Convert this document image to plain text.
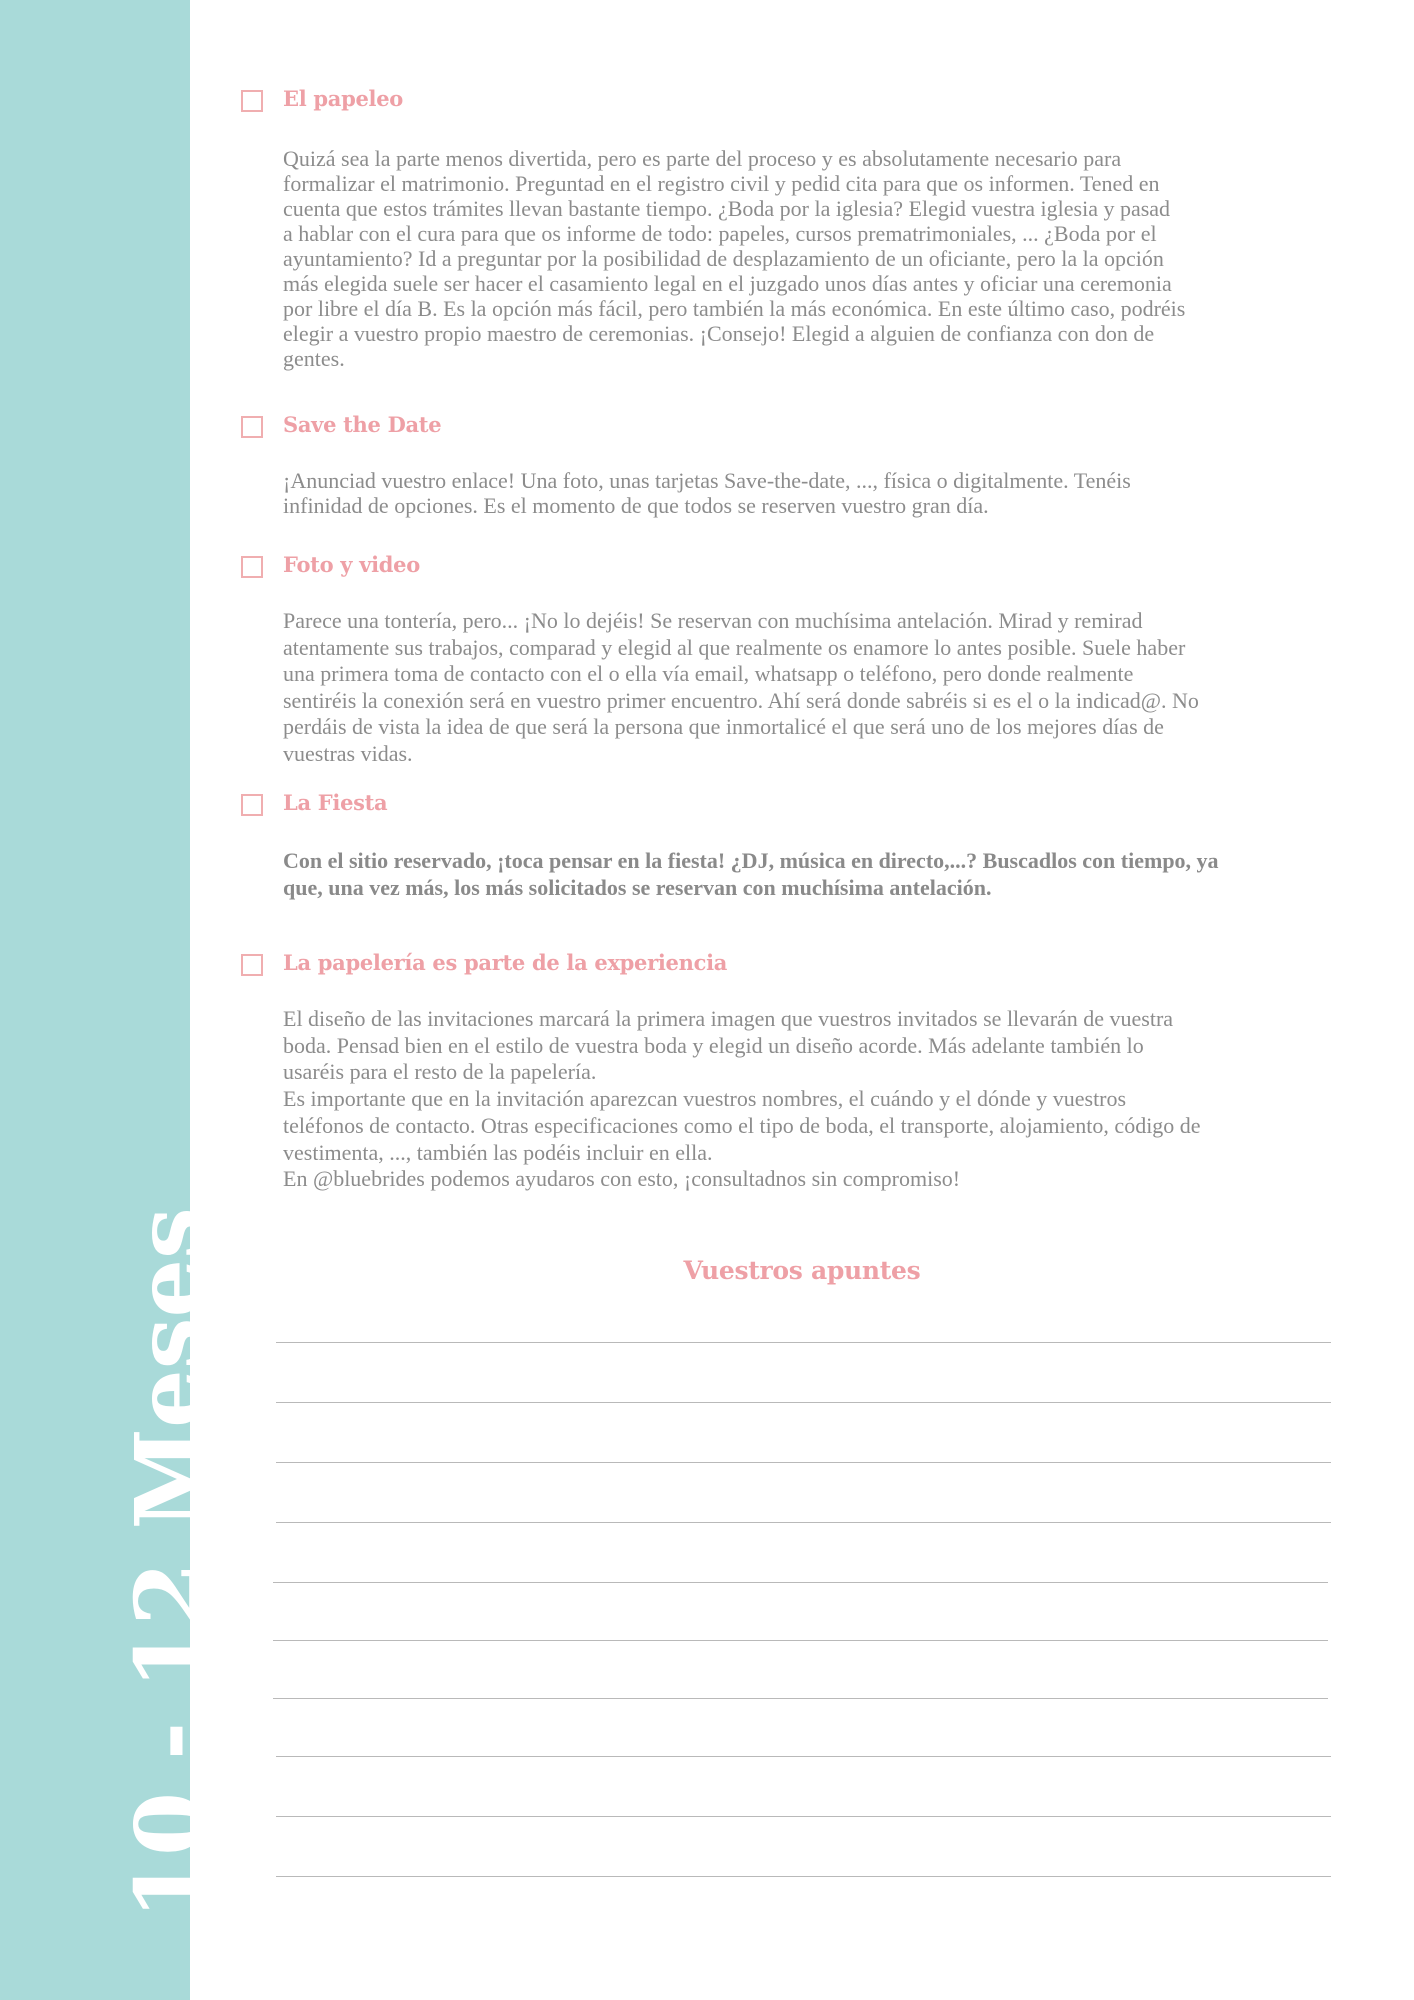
10 - 12 Meses
El papeleo
Quizá sea la parte menos divertida, pero es parte del proceso y es absolutamente necesario para
formalizar el matrimonio. Preguntad en el registro civil y pedid cita para que os informen. Tened en
cuenta que estos trámites llevan bastante tiempo. ¿Boda por la iglesia? Elegid vuestra iglesia y pasad
a hablar con el cura para que os informe de todo: papeles, cursos prematrimoniales, ... ¿Boda por el
ayuntamiento? Id a preguntar por la posibilidad de desplazamiento de un oficiante, pero la la opción
más elegida suele ser hacer el casamiento legal en el juzgado unos días antes y oficiar una ceremonia
por libre el día B. Es la opción más fácil, pero también la más económica. En este último caso, podréis
elegir a vuestro propio maestro de ceremonias. ¡Consejo! Elegid a alguien de confianza con don de
gentes.
Save the Date
¡Anunciad vuestro enlace! Una foto, unas tarjetas Save-the-date, ..., física o digitalmente. Tenéis
infinidad de opciones. Es el momento de que todos se reserven vuestro gran día.
Foto y video
Parece una tontería, pero... ¡No lo dejéis! Se reservan con muchísima antelación. Mirad y remirad
atentamente sus trabajos, comparad y elegid al que realmente os enamore lo antes posible. Suele haber
una primera toma de contacto con el o ella vía email, whatsapp o teléfono, pero donde realmente
sentiréis la conexión será en vuestro primer encuentro. Ahí será donde sabréis si es el o la indicad@. No
perdáis de vista la idea de que será la persona que inmortalicé el que será uno de los mejores días de
vuestras vidas.
La Fiesta
Con el sitio reservado, ¡toca pensar en la fiesta! ¿DJ, música en directo,...? Buscadlos con tiempo, ya
que, una vez más, los más solicitados se reservan con muchísima antelación.
La papelería es parte de la experiencia
El diseño de las invitaciones marcará la primera imagen que vuestros invitados se llevarán de vuestra
boda. Pensad bien en el estilo de vuestra boda y elegid un diseño acorde. Más adelante también lo
usaréis para el resto de la papelería.
Es importante que en la invitación aparezcan vuestros nombres, el cuándo y el dónde y vuestros
teléfonos de contacto. Otras especificaciones como el tipo de boda, el transporte, alojamiento, código de
vestimenta, ..., también las podéis incluir en ella.
En @bluebrides podemos ayudaros con esto, ¡consultadnos sin compromiso!
Vuestros apuntes
